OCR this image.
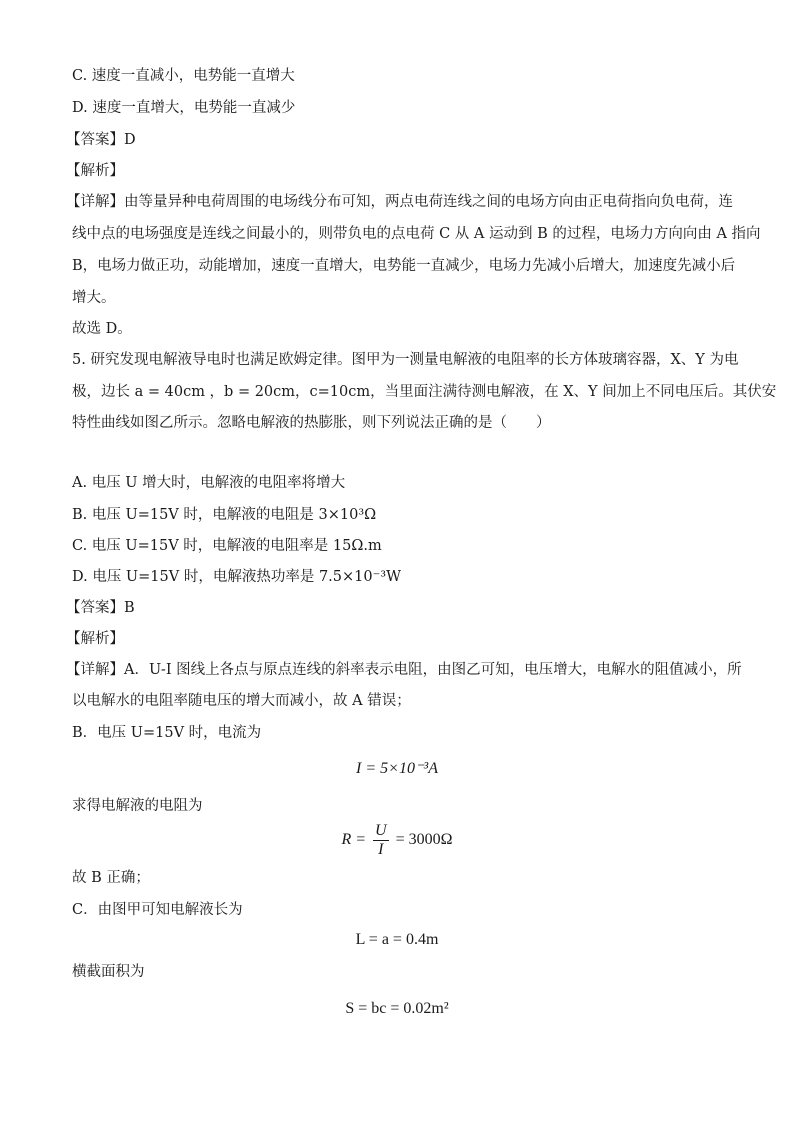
C. 速度一直减小，电势能一直增大
D. 速度一直增大，电势能一直减少
【答案】D
【解析】
【详解】由等量异种电荷周围的电场线分布可知，两点电荷连线之间的电场方向由正电荷指向负电荷，连
线中点的电场强度是连线之间最小的，则带负电的点电荷 C 从 A 运动到 B 的过程，电场力方向向由 A 指向
B，电场力做正功，动能增加，速度一直增大，电势能一直减少，电场力先减小后增大，加速度先减小后
增大。
故选 D。
5. 研究发现电解液导电时也满足欧姆定律。图甲为一测量电解液的电阻率的长方体玻璃容器，X、Y 为电
极，边长 a = 40cm ，b = 20cm，c=10cm，当里面注满待测电解液，在 X、Y 间加上不同电压后。其伏安
特性曲线如图乙所示。忽略电解液的热膨胀，则下列说法正确的是（　　）
A. 电压 U 增大时，电解液的电阻率将增大
B. 电压 U=15V 时，电解液的电阻是 3×10³Ω
C. 电压 U=15V 时，电解液的电阻率是 15Ω.m
D. 电压 U=15V 时，电解液热功率是 7.5×10⁻³W
【答案】B
【解析】
【详解】A．U-I 图线上各点与原点连线的斜率表示电阻，由图乙可知，电压增大，电解水的阻值减小，所
以电解水的电阻率随电压的增大而减小，故 A 错误；
B．电压 U=15V 时，电流为
I = 5×10⁻³A
求得电解液的电阻为
$R = \frac{U}{I} = 3000\Omega$
故 B 正确；
C．由图甲可知电解液长为
L = a = 0.4m
横截面积为
S = bc = 0.02m²
